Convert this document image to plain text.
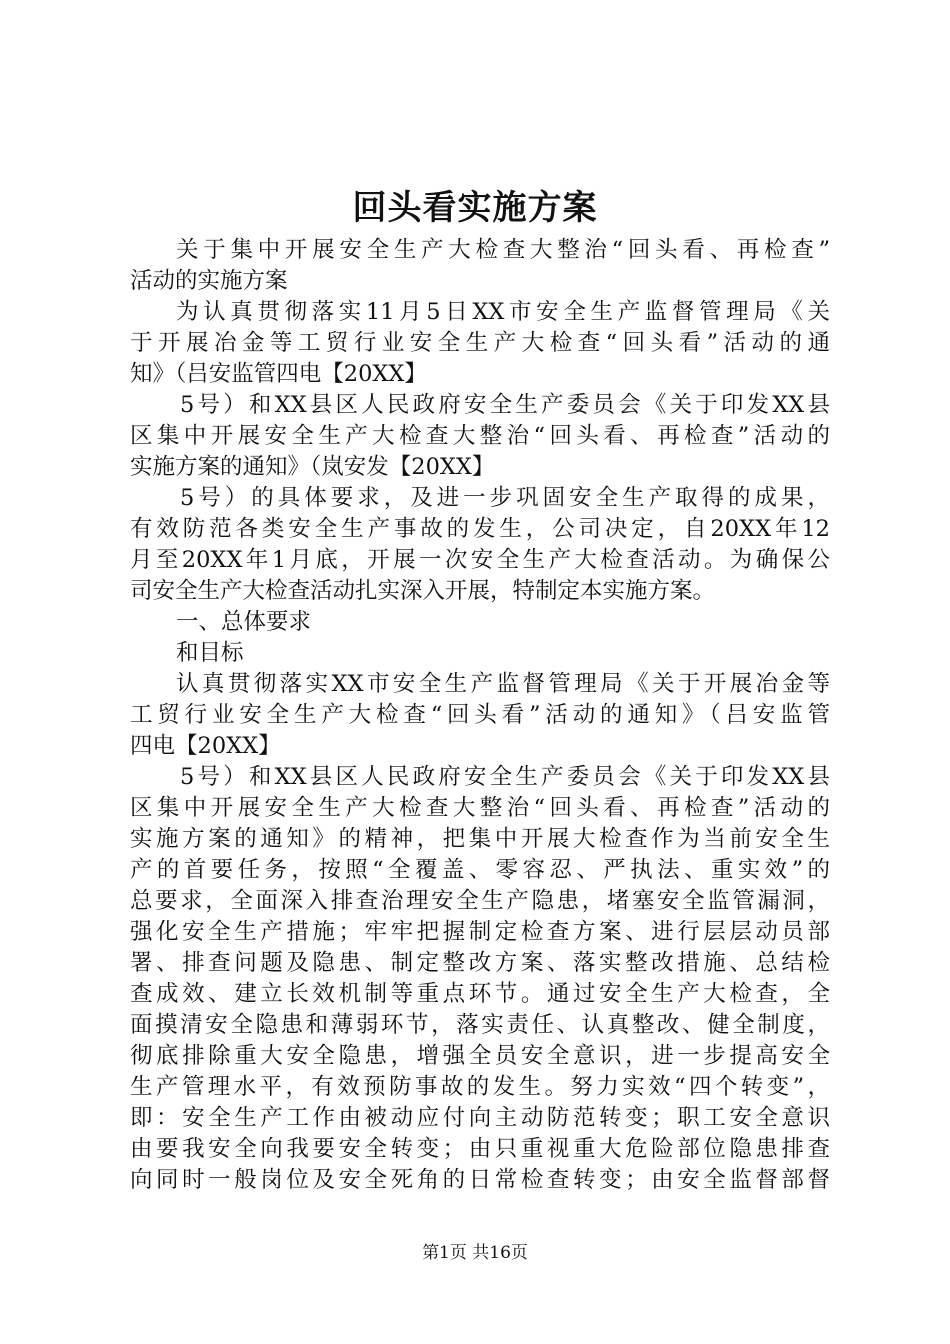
回头看实施方案
关于集中开展安全生产大检查大整治“回头看、再检查”
活动的实施方案
为认真贯彻落实11月5日XX市安全生产监督管理局《关
于开展冶金等工贸行业安全生产大检查“回头看”活动的通
知》（吕安监管四电【20XX】
5号）和XX县区人民政府安全生产委员会《关于印发XX县
区集中开展安全生产大检查大整治“回头看、再检查”活动的
实施方案的通知》（岚安发【20XX】
5号）的具体要求，及进一步巩固安全生产取得的成果，
有效防范各类安全生产事故的发生，公司决定，自20XX年12
月至20XX年1月底，开展一次安全生产大检查活动。为确保公
司安全生产大检查活动扎实深入开展，特制定本实施方案。
一、总体要求
和目标
认真贯彻落实XX市安全生产监督管理局《关于开展冶金等
工贸行业安全生产大检查“回头看”活动的通知》（吕安监管
四电【20XX】
5号）和XX县区人民政府安全生产委员会《关于印发XX县
区集中开展安全生产大检查大整治“回头看、再检查”活动的
实施方案的通知》的精神，把集中开展大检查作为当前安全生
产的首要任务，按照“全覆盖、零容忍、严执法、重实效”的
总要求，全面深入排查治理安全生产隐患，堵塞安全监管漏洞，
强化安全生产措施；牢牢把握制定检查方案、进行层层动员部
署、排查问题及隐患、制定整改方案、落实整改措施、总结检
查成效、建立长效机制等重点环节。通过安全生产大检查，全
面摸清安全隐患和薄弱环节，落实责任、认真整改、健全制度，
彻底排除重大安全隐患，增强全员安全意识，进一步提高安全
生产管理水平，有效预防事故的发生。努力实效“四个转变”，
即：安全生产工作由被动应付向主动防范转变；职工安全意识
由要我安全向我要安全转变；由只重视重大危险部位隐患排查
向同时一般岗位及安全死角的日常检查转变；由安全监督部督
第1页 共16页
